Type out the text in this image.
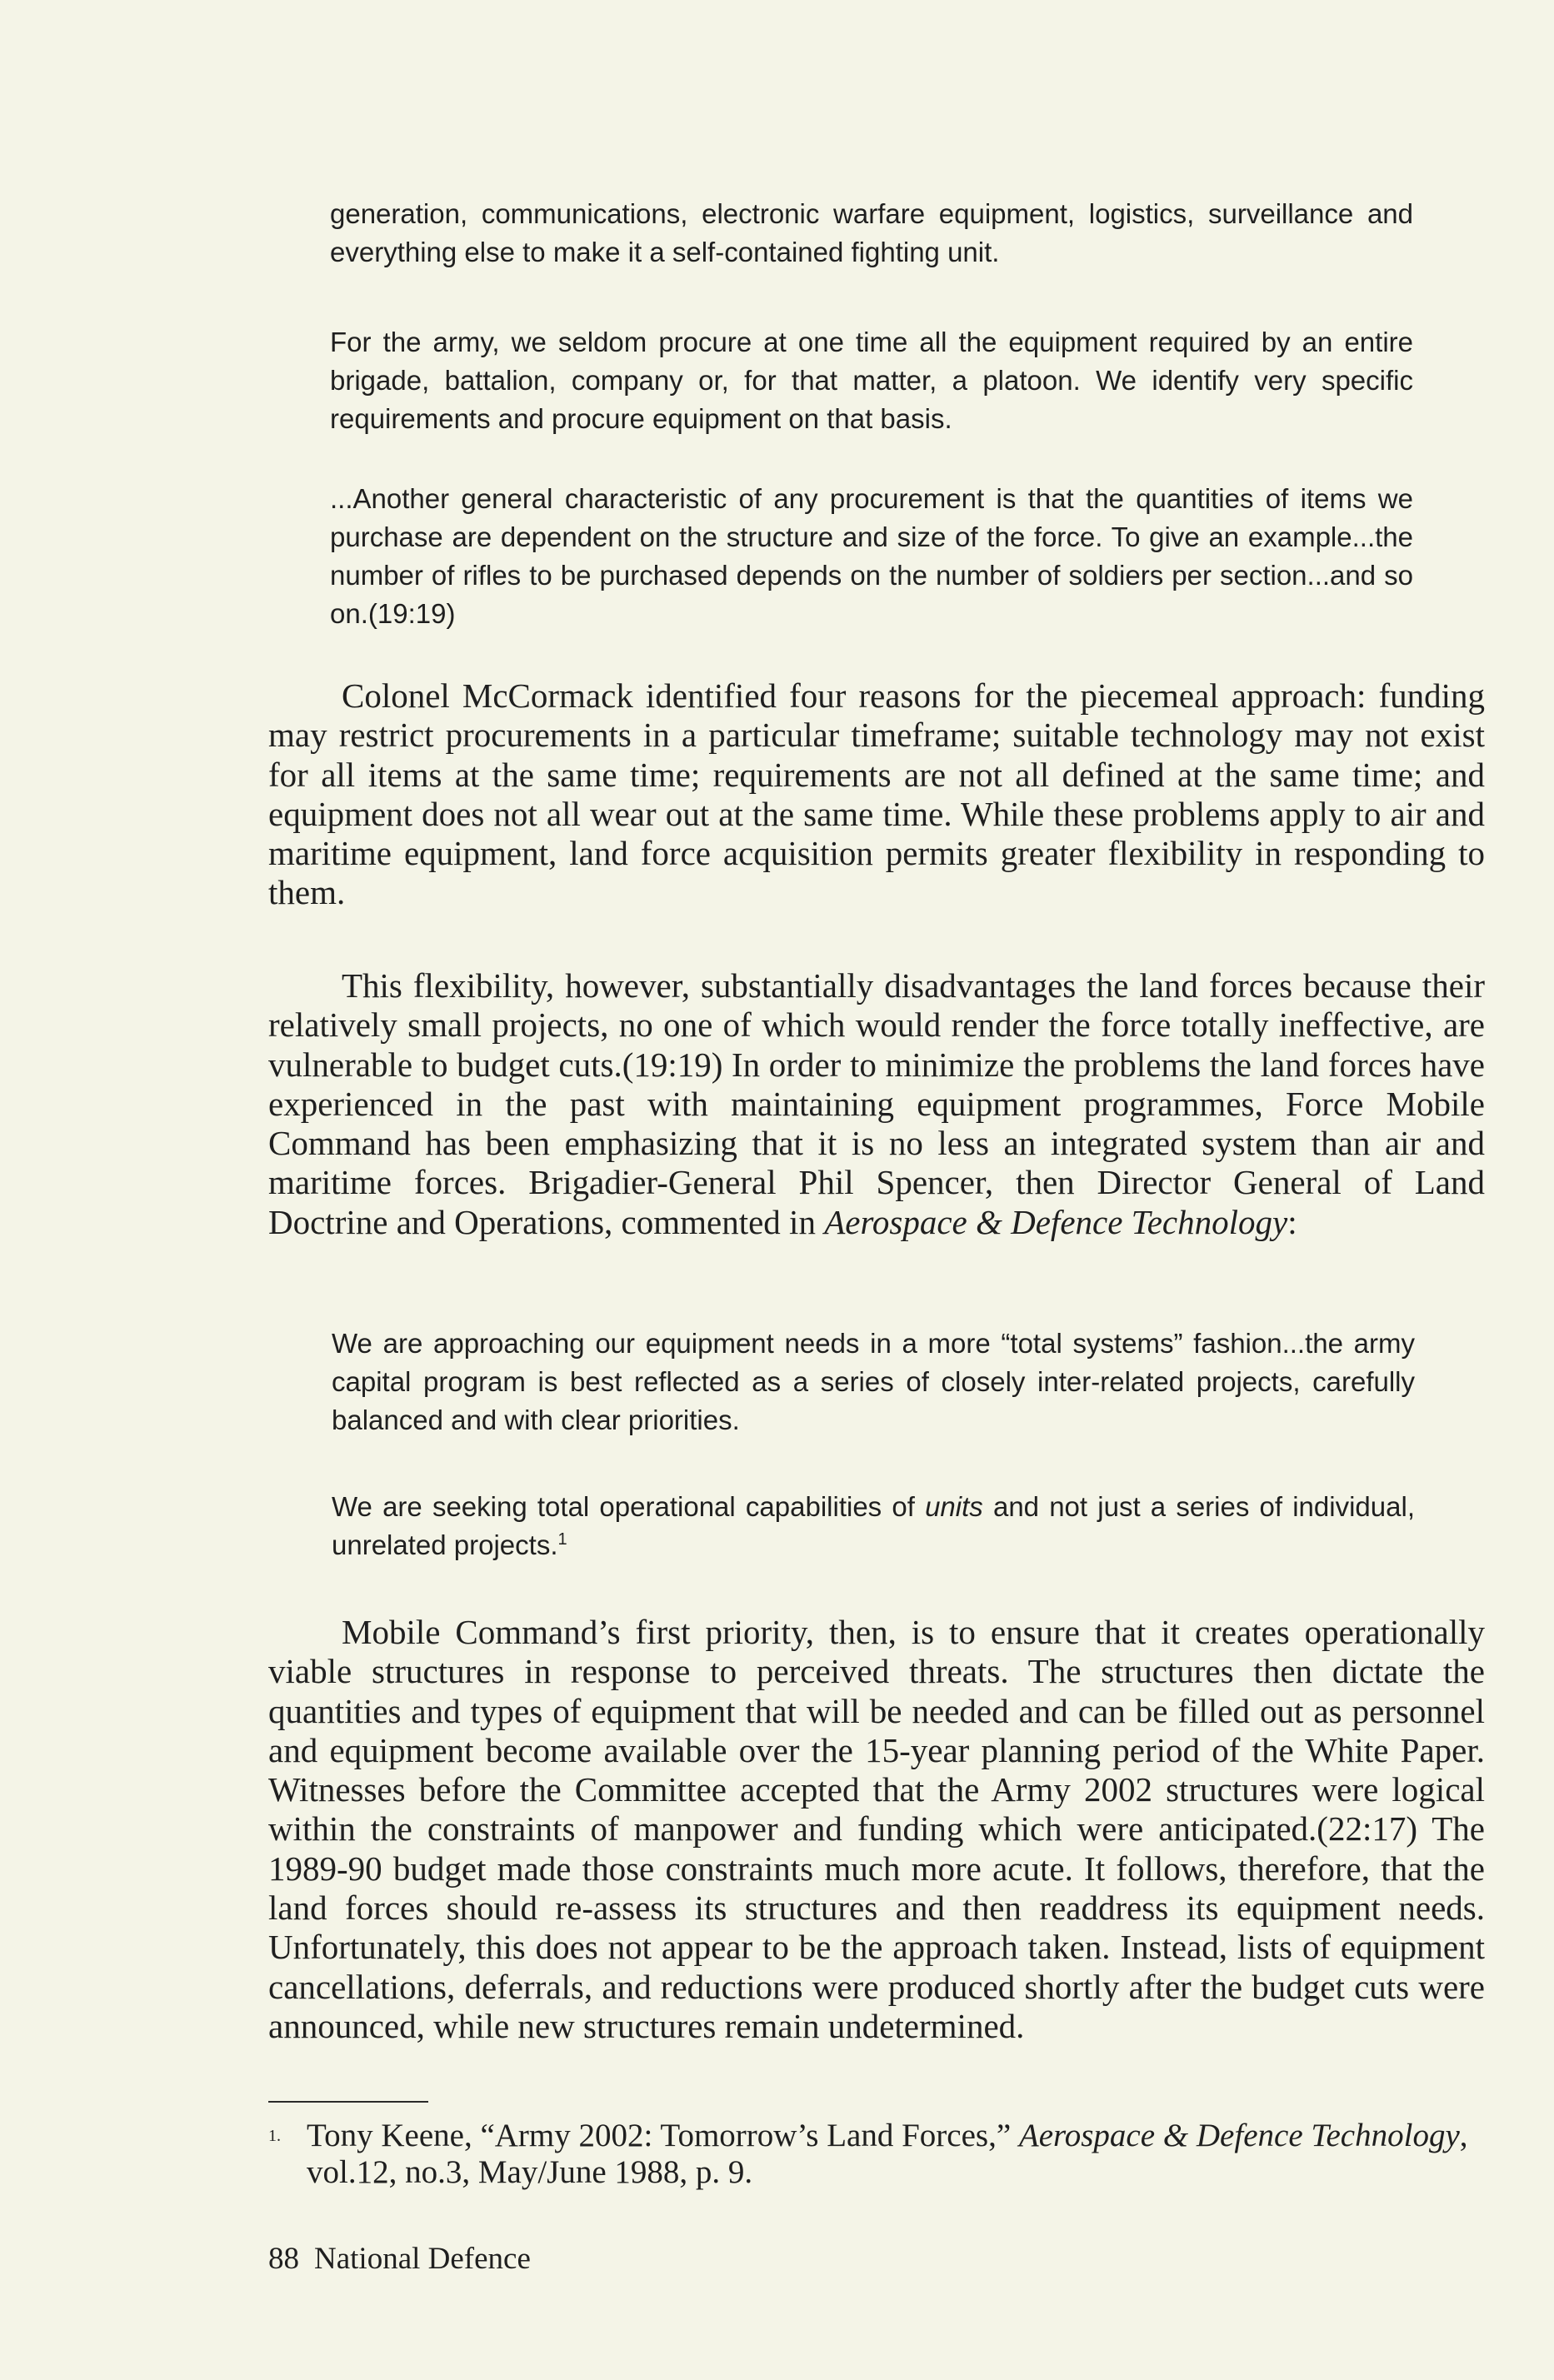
generation, communications, electronic warfare equipment, logistics, surveillance and everything else to make it a self-contained fighting unit.

For the army, we seldom procure at one time all the equipment required by an entire brigade, battalion, company or, for that matter, a platoon. We identify very specific requirements and procure equipment on that basis.

...Another general characteristic of any procurement is that the quantities of items we purchase are dependent on the structure and size of the force. To give an example...the number of rifles to be purchased depends on the number of soldiers per section...and so on.(19:19)

Colonel McCormack identified four reasons for the piecemeal approach: funding may restrict procurements in a particular timeframe; suitable technology may not exist for all items at the same time; requirements are not all defined at the same time; and equipment does not all wear out at the same time. While these problems apply to air and maritime equipment, land force acquisition permits greater flexibility in responding to them.

This flexibility, however, substantially disadvantages the land forces because their relatively small projects, no one of which would render the force totally ineffective, are vulnerable to budget cuts.(19:19) In order to minimize the problems the land forces have experienced in the past with maintaining equipment programmes, Force Mobile Command has been emphasizing that it is no less an integrated system than air and maritime forces. Brigadier-General Phil Spencer, then Director General of Land Doctrine and Operations, commented in Aerospace & Defence Technology:

We are approaching our equipment needs in a more “total systems” fashion...the army capital program is best reflected as a series of closely inter-related projects, carefully balanced and with clear priorities.

We are seeking total operational capabilities of units and not just a series of individual, unrelated projects.$^1$

Mobile Command’s first priority, then, is to ensure that it creates operationally viable structures in response to perceived threats. The structures then dictate the quantities and types of equipment that will be needed and can be filled out as personnel and equipment become available over the 15-year planning period of the White Paper. Witnesses before the Committee accepted that the Army 2002 structures were logical within the constraints of manpower and funding which were anticipated.(22:17) The 1989-90 budget made those constraints much more acute. It follows, therefore, that the land forces should re-assess its structures and then readdress its equipment needs. Unfortunately, this does not appear to be the approach taken. Instead, lists of equipment cancellations, deferrals, and reductions were produced shortly after the budget cuts were announced, while new structures remain undetermined.

1. Tony Keene, “Army 2002: Tomorrow’s Land Forces,” Aerospace & Defence Technology, vol.12, no.3, May/June 1988, p. 9.

88 National Defence
